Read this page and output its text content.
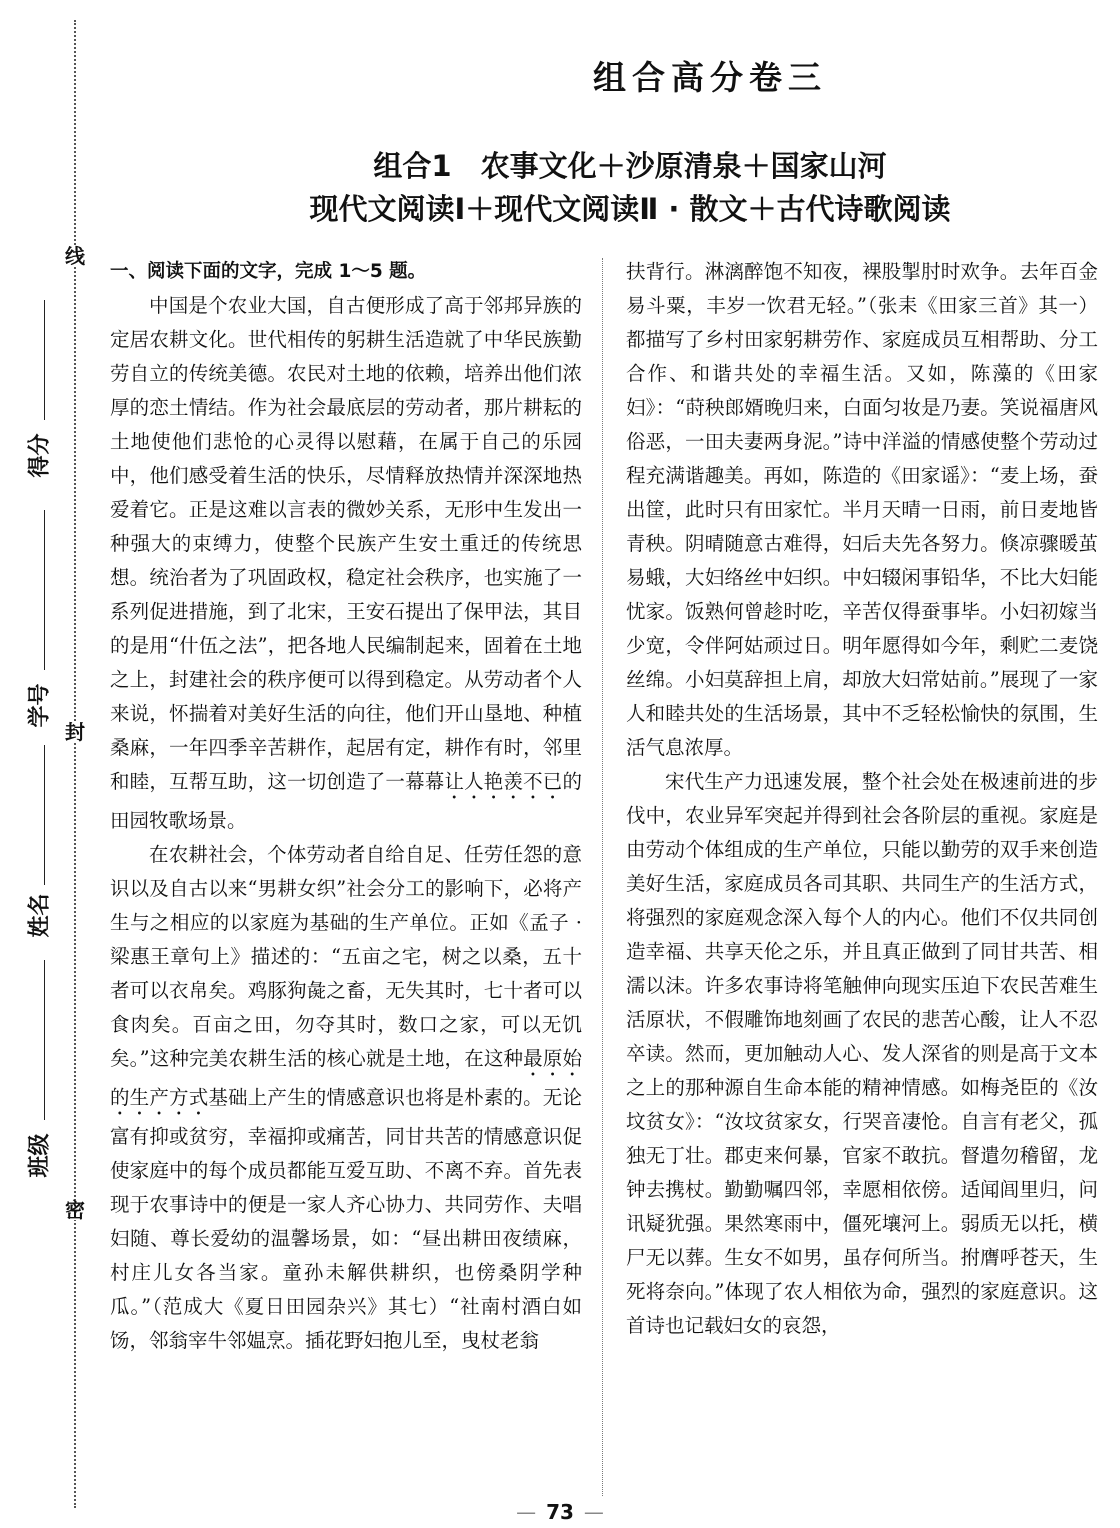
线
封
密
得分
学号
姓名
班级
组合高分卷三
组合1　农事文化＋沙原清泉＋国家山河
现代文阅读Ⅰ＋现代文阅读Ⅱ · 散文＋古代诗歌阅读

一、阅读下面的文字，完成 1～5 题。

中国是个农业大国，自古便形成了高于邻邦异族的定居农耕文化。世代相传的躬耕生活造就了中华民族勤劳自立的传统美德。农民对土地的依赖，培养出他们浓厚的恋土情结。作为社会最底层的劳动者，那片耕耘的土地使他们悲怆的心灵得以慰藉，在属于自己的乐园中，他们感受着生活的快乐，尽情释放热情并深深地热爱着它。正是这难以言表的微妙关系，无形中生发出一种强大的束缚力，使整个民族产生安土重迁的传统思想。统治者为了巩固政权，稳定社会秩序，也实施了一系列促进措施，到了北宋，王安石提出了保甲法，其目的是用“什伍之法”，把各地人民编制起来，固着在土地之上，封建社会的秩序便可以得到稳定。从劳动者个人来说，怀揣着对美好生活的向往，他们开山垦地、种植桑麻，一年四季辛苦耕作，起居有定，耕作有时，邻里和睦，互帮互助，这一切创造了一幕幕让人艳羡不已的田园牧歌场景。

在农耕社会，个体劳动者自给自足、任劳任怨的意识以及自古以来“男耕女织”社会分工的影响下，必将产生与之相应的以家庭为基础的生产单位。正如《孟子 · 梁惠王章句上》描述的：“五亩之宅，树之以桑，五十者可以衣帛矣。鸡豚狗彘之畜，无失其时，七十者可以食肉矣。百亩之田，勿夺其时，数口之家，可以无饥矣。”这种完美农耕生活的核心就是土地，在这种最原始的生产方式基础上产生的情感意识也将是朴素的。无论富有抑或贫穷，幸福抑或痛苦，同甘共苦的情感意识促使家庭中的每个成员都能互爱互助、不离不弃。首先表现于农事诗中的便是一家人齐心协力、共同劳作、夫唱妇随、尊长爱幼的温馨场景，如：“昼出耕田夜绩麻，村庄儿女各当家。童孙未解供耕织，也傍桑阴学种瓜。”（范成大《夏日田园杂兴》其七）“社南村酒白如饧，邻翁宰牛邻媪烹。插花野妇抱儿至，曳杖老翁

扶背行。淋漓醉饱不知夜，裸股掣肘时欢争。去年百金易斗粟，丰岁一饮君无轻。”（张耒《田家三首》其一）都描写了乡村田家躬耕劳作、家庭成员互相帮助、分工合作、和谐共处的幸福生活。又如，陈藻的《田家妇》：“莳秧郎婿晚归来，白面匀妆是乃妻。笑说福唐风俗恶，一田夫妻两身泥。”诗中洋溢的情感使整个劳动过程充满谐趣美。再如，陈造的《田家谣》：“麦上场，蚕出筐，此时只有田家忙。半月天晴一日雨，前日麦地皆青秧。阴晴随意古难得，妇后夫先各努力。倏凉骤暖茧易蛾，大妇络丝中妇织。中妇辍闲事铅华，不比大妇能忧家。饭熟何曾趁时吃，辛苦仅得蚕事毕。小妇初嫁当少宽，令伴阿姑顽过日。明年愿得如今年，剩贮二麦饶丝绵。小妇莫辞担上肩，却放大妇常姑前。”展现了一家人和睦共处的生活场景，其中不乏轻松愉快的氛围，生活气息浓厚。

宋代生产力迅速发展，整个社会处在极速前进的步伐中，农业异军突起并得到社会各阶层的重视。家庭是由劳动个体组成的生产单位，只能以勤劳的双手来创造美好生活，家庭成员各司其职、共同生产的生活方式，将强烈的家庭观念深入每个人的内心。他们不仅共同创造幸福、共享天伦之乐，并且真正做到了同甘共苦、相濡以沫。许多农事诗将笔触伸向现实压迫下农民苦难生活原状，不假雕饰地刻画了农民的悲苦心酸，让人不忍卒读。然而，更加触动人心、发人深省的则是高于文本之上的那种源自生命本能的精神情感。如梅尧臣的《汝坟贫女》：“汝坟贫家女，行哭音凄怆。自言有老父，孤独无丁壮。郡吏来何暴，官家不敢抗。督遣勿稽留，龙钟去携杖。勤勤嘱四邻，幸愿相依傍。适闻闾里归，问讯疑犹强。果然寒雨中，僵死壤河上。弱质无以托，横尸无以葬。生女不如男，虽存何所当。拊膺呼苍天，生死将奈向。”体现了农人相依为命，强烈的家庭意识。这首诗也记载妇女的哀怨，

— 73 —
